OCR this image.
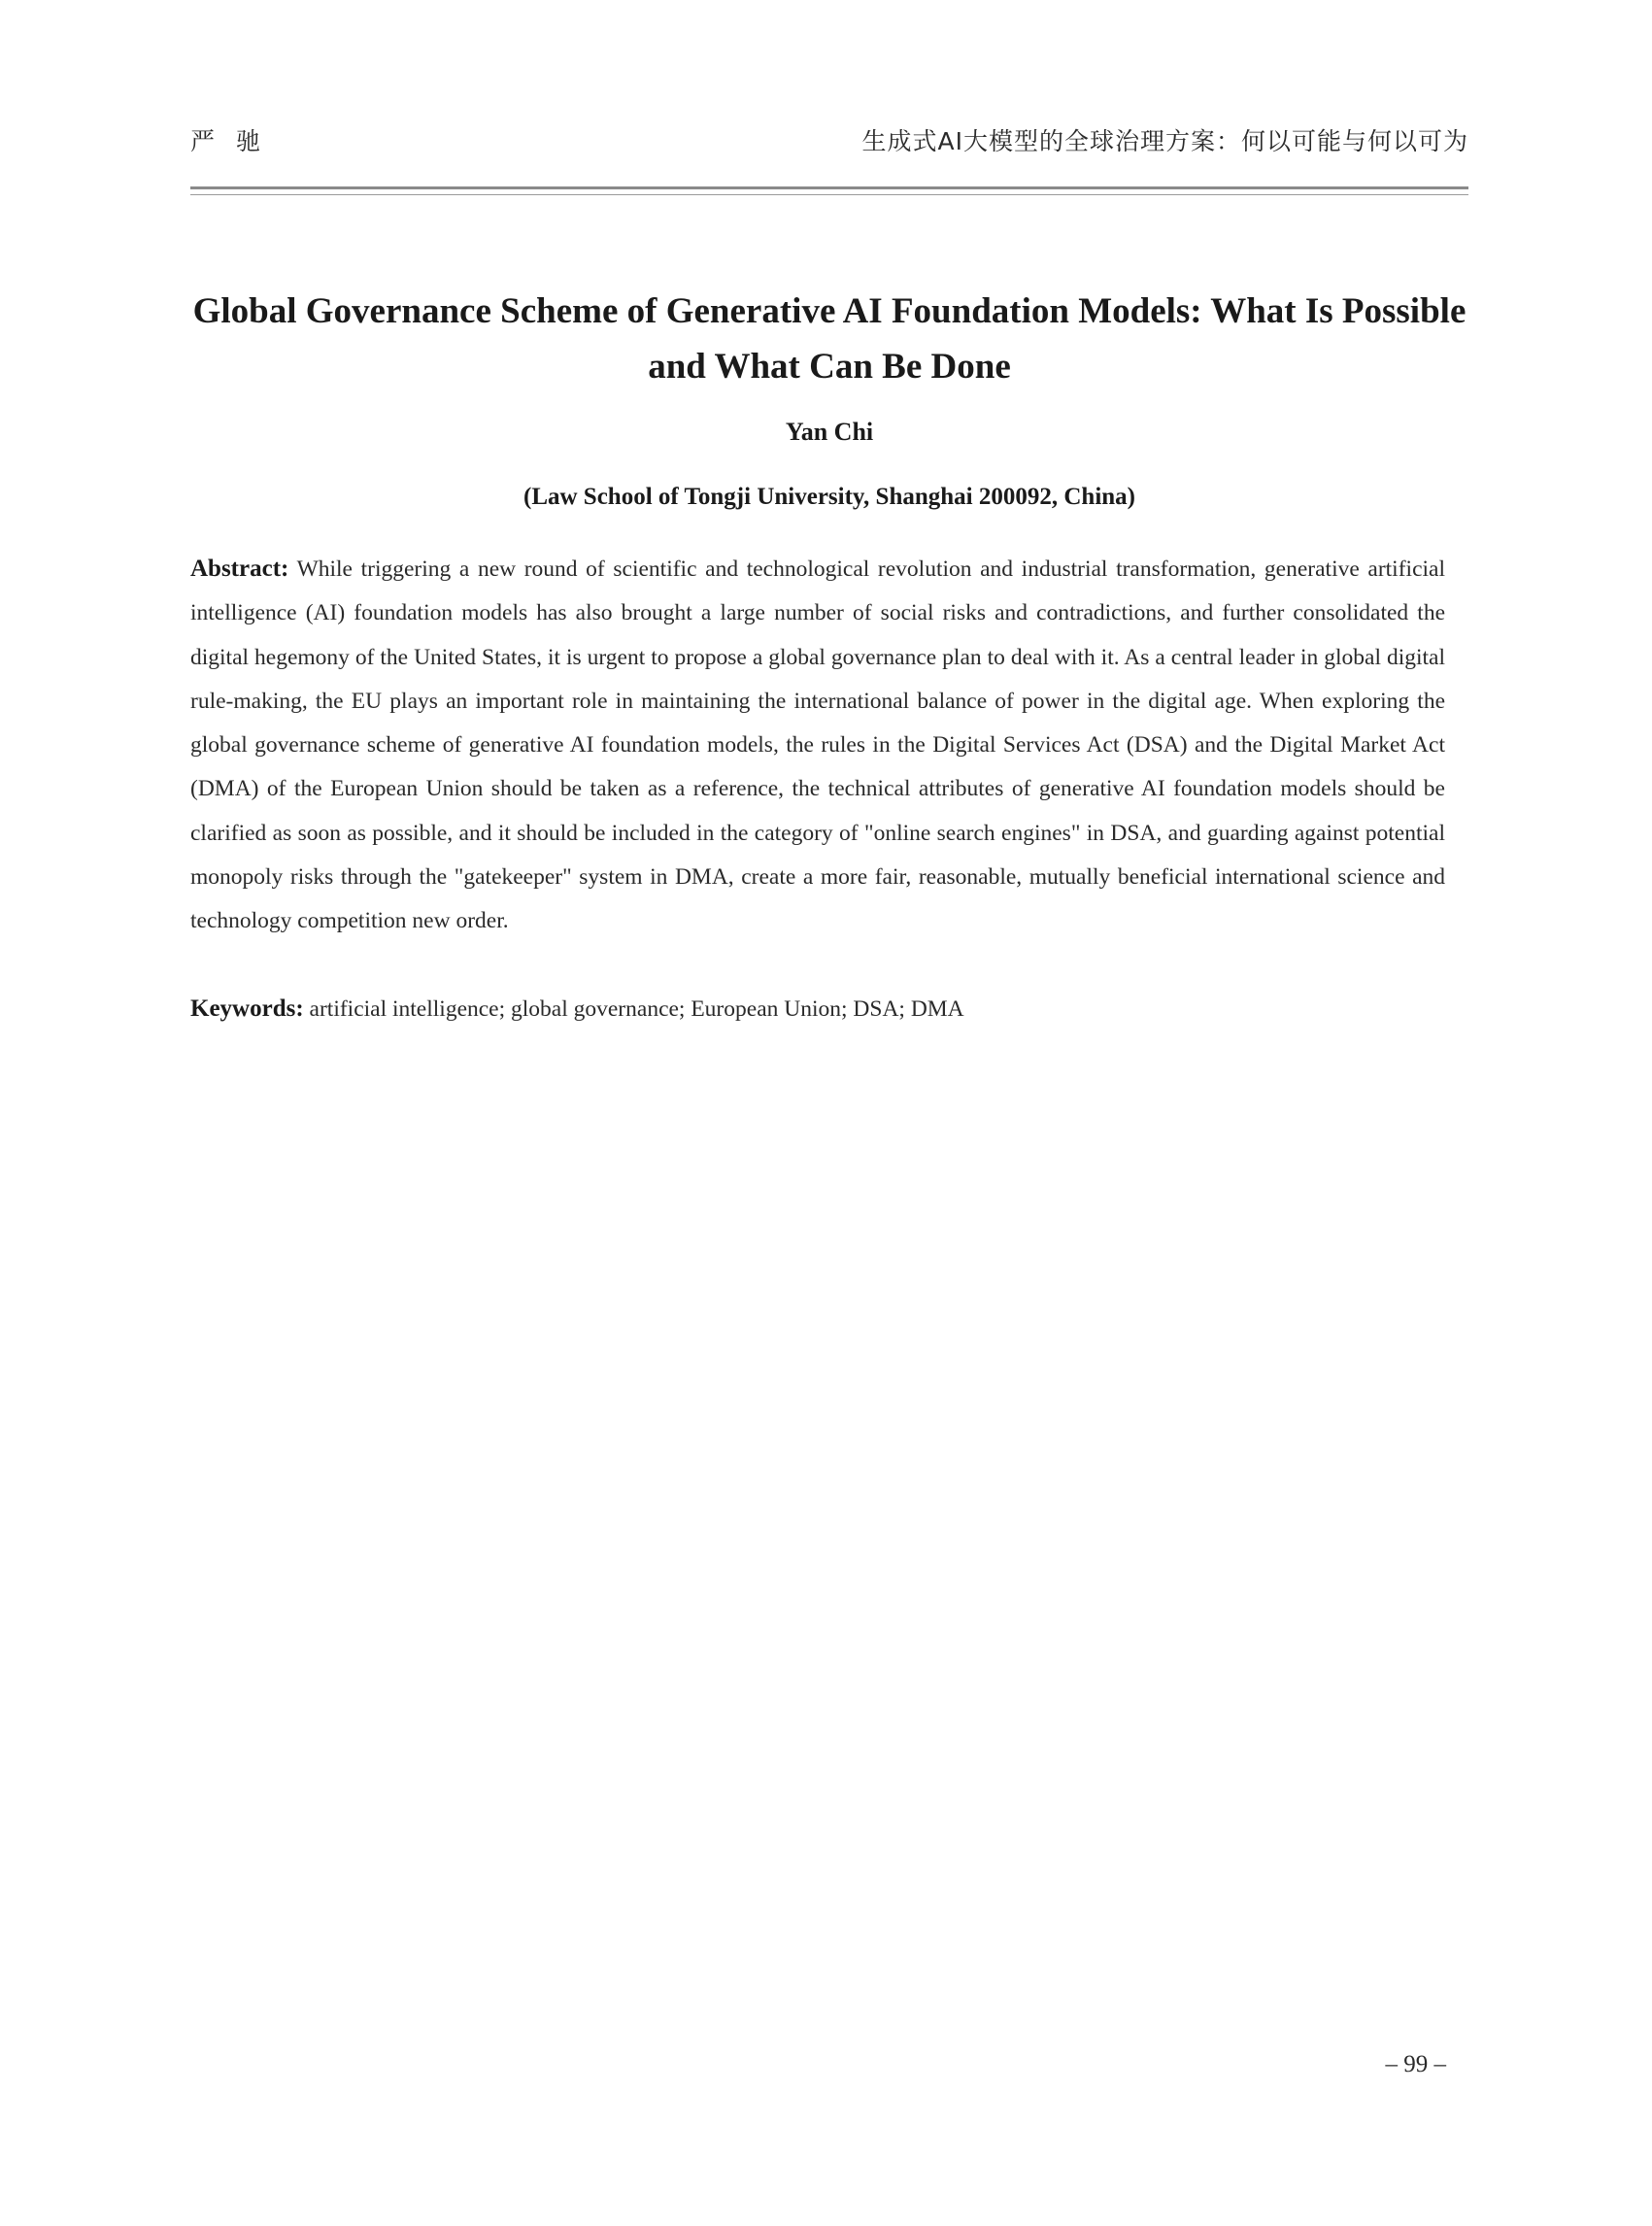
严驰	生成式AI大模型的全球治理方案：何以可能与何以可为
Global Governance Scheme of Generative AI Foundation Models: What Is Possible and What Can Be Done
Yan Chi
(Law School of Tongji University, Shanghai 200092, China)

Abstract: While triggering a new round of scientific and technological revolution and industrial transformation, generative artificial intelligence (AI) foundation models has also brought a large number of social risks and contradictions, and further consolidated the digital hegemony of the United States, it is urgent to propose a global governance plan to deal with it. As a central leader in global digital rule-making, the EU plays an important role in maintaining the international balance of power in the digital age. When exploring the global governance scheme of generative AI foundation models, the rules in the Digital Services Act (DSA) and the Digital Market Act (DMA) of the European Union should be taken as a reference, the technical attributes of generative AI foundation models should be clarified as soon as possible, and it should be included in the category of "online search engines" in DSA, and guarding against potential monopoly risks through the "gatekeeper" system in DMA, create a more fair, reasonable, mutually beneficial international science and technology competition new order.

Keywords: artificial intelligence; global governance; European Union; DSA; DMA

– 99 –
